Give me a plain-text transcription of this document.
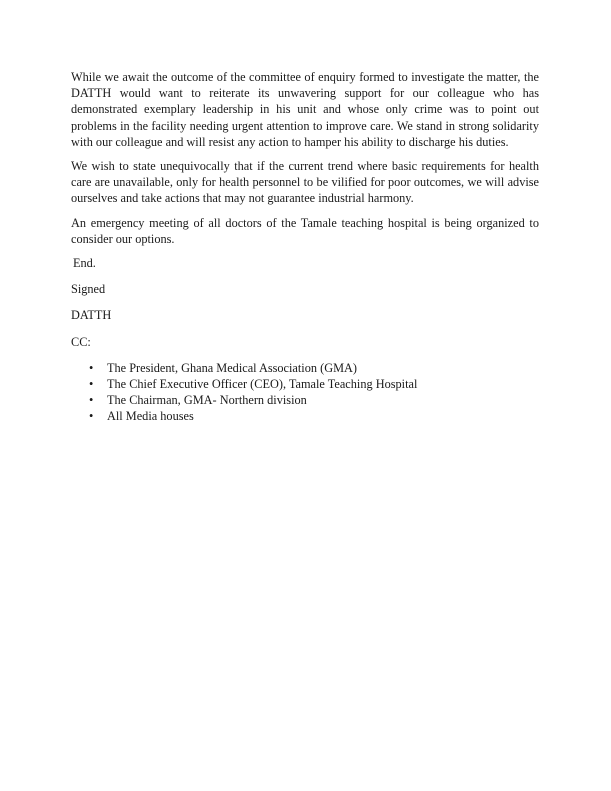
While we await the outcome of the committee of enquiry formed to investigate the matter, the DATTH would want to reiterate its unwavering support for our colleague who has demonstrated exemplary leadership in his unit and whose only crime was to point out problems in the facility needing urgent attention to improve care. We stand in strong solidarity with our colleague and will resist any action to hamper his ability to discharge his duties.

We wish to state unequivocally that if the current trend where basic requirements for health care are unavailable, only for health personnel to be vilified for poor outcomes, we will advise ourselves and take actions that may not guarantee industrial harmony.

An emergency meeting of all doctors of the Tamale teaching hospital is being organized to consider our options.

End.
Signed
DATTH
CC:
• The President, Ghana Medical Association (GMA)
• The Chief Executive Officer (CEO), Tamale Teaching Hospital
• The Chairman, GMA- Northern division
• All Media houses
